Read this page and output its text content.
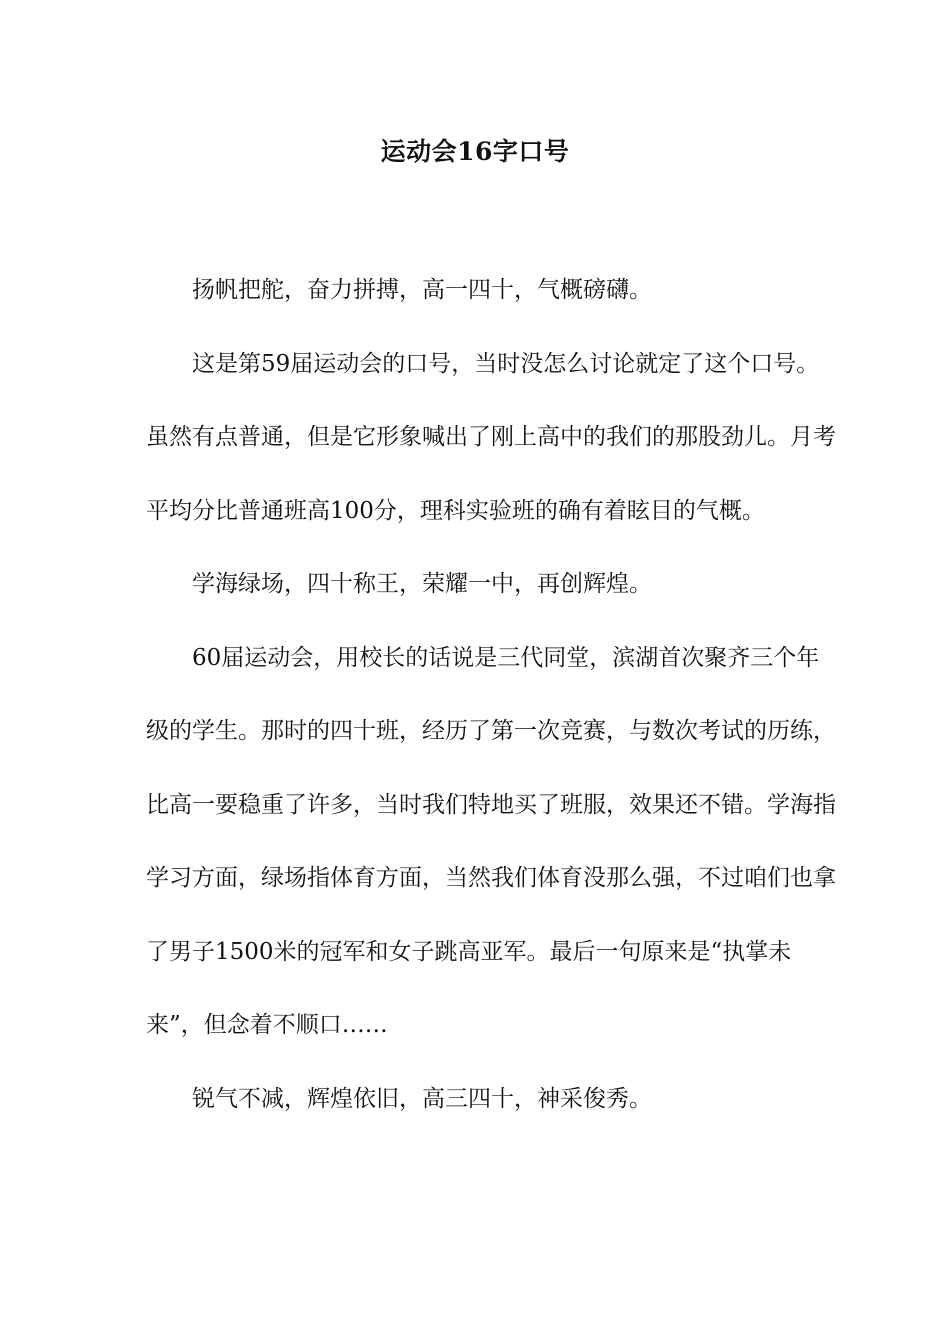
运动会16字口号

扬帆把舵，奋力拼搏，高一四十，气概磅礴。

这是第59届运动会的口号，当时没怎么讨论就定了这个口号。虽然有点普通，但是它形象喊出了刚上高中的我们的那股劲儿。月考平均分比普通班高100分，理科实验班的确有着眩目的气概。

学海绿场，四十称王，荣耀一中，再创辉煌。

60届运动会，用校长的话说是三代同堂，滨湖首次聚齐三个年级的学生。那时的四十班，经历了第一次竞赛，与数次考试的历练，比高一要稳重了许多，当时我们特地买了班服，效果还不错。学海指学习方面，绿场指体育方面，当然我们体育没那么强，不过咱们也拿了男子1500米的冠军和女子跳高亚军。最后一句原来是“执掌未来”，但念着不顺口……

锐气不减，辉煌依旧，高三四十，神采俊秀。
